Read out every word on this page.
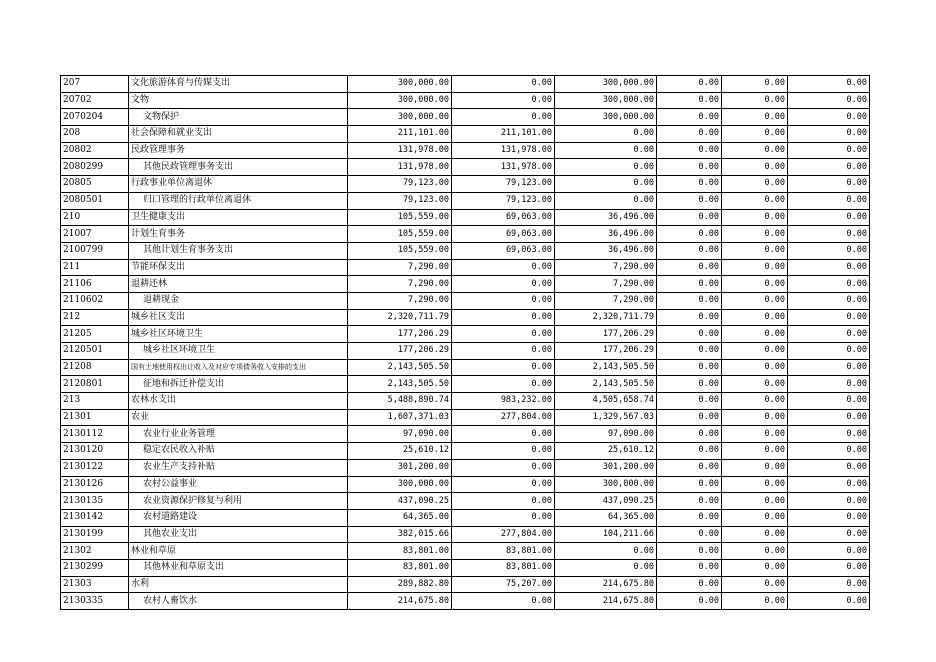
207	文化旅游体育与传媒支出	300,000.00	0.00	300,000.00	0.00	0.00	0.00
20702	文物	300,000.00	0.00	300,000.00	0.00	0.00	0.00
2070204	文物保护	300,000.00	0.00	300,000.00	0.00	0.00	0.00
208	社会保障和就业支出	211,101.00	211,101.00	0.00	0.00	0.00	0.00
20802	民政管理事务	131,978.00	131,978.00	0.00	0.00	0.00	0.00
2080299	其他民政管理事务支出	131,978.00	131,978.00	0.00	0.00	0.00	0.00
20805	行政事业单位离退休	79,123.00	79,123.00	0.00	0.00	0.00	0.00
2080501	归口管理的行政单位离退休	79,123.00	79,123.00	0.00	0.00	0.00	0.00
210	卫生健康支出	105,559.00	69,063.00	36,496.00	0.00	0.00	0.00
21007	计划生育事务	105,559.00	69,063.00	36,496.00	0.00	0.00	0.00
2100799	其他计划生育事务支出	105,559.00	69,063.00	36,496.00	0.00	0.00	0.00
211	节能环保支出	7,290.00	0.00	7,290.00	0.00	0.00	0.00
21106	退耕还林	7,290.00	0.00	7,290.00	0.00	0.00	0.00
2110602	退耕现金	7,290.00	0.00	7,290.00	0.00	0.00	0.00
212	城乡社区支出	2,320,711.79	0.00	2,320,711.79	0.00	0.00	0.00
21205	城乡社区环境卫生	177,206.29	0.00	177,206.29	0.00	0.00	0.00
2120501	城乡社区环境卫生	177,206.29	0.00	177,206.29	0.00	0.00	0.00
21208	国有土地使用权出让收入及对应专项债务收入安排的支出	2,143,505.50	0.00	2,143,505.50	0.00	0.00	0.00
2120801	征地和拆迁补偿支出	2,143,505.50	0.00	2,143,505.50	0.00	0.00	0.00
213	农林水支出	5,488,890.74	983,232.00	4,505,658.74	0.00	0.00	0.00
21301	农业	1,607,371.03	277,804.00	1,329,567.03	0.00	0.00	0.00
2130112	农业行业业务管理	97,090.00	0.00	97,090.00	0.00	0.00	0.00
2130120	稳定农民收入补贴	25,610.12	0.00	25,610.12	0.00	0.00	0.00
2130122	农业生产支持补贴	301,200.00	0.00	301,200.00	0.00	0.00	0.00
2130126	农村公益事业	300,000.00	0.00	300,000.00	0.00	0.00	0.00
2130135	农业资源保护修复与利用	437,090.25	0.00	437,090.25	0.00	0.00	0.00
2130142	农村道路建设	64,365.00	0.00	64,365.00	0.00	0.00	0.00
2130199	其他农业支出	382,015.66	277,804.00	104,211.66	0.00	0.00	0.00
21302	林业和草原	83,801.00	83,801.00	0.00	0.00	0.00	0.00
2130299	其他林业和草原支出	83,801.00	83,801.00	0.00	0.00	0.00	0.00
21303	水利	289,882.80	75,207.00	214,675.80	0.00	0.00	0.00
2130335	农村人畜饮水	214,675.80	0.00	214,675.80	0.00	0.00	0.00
